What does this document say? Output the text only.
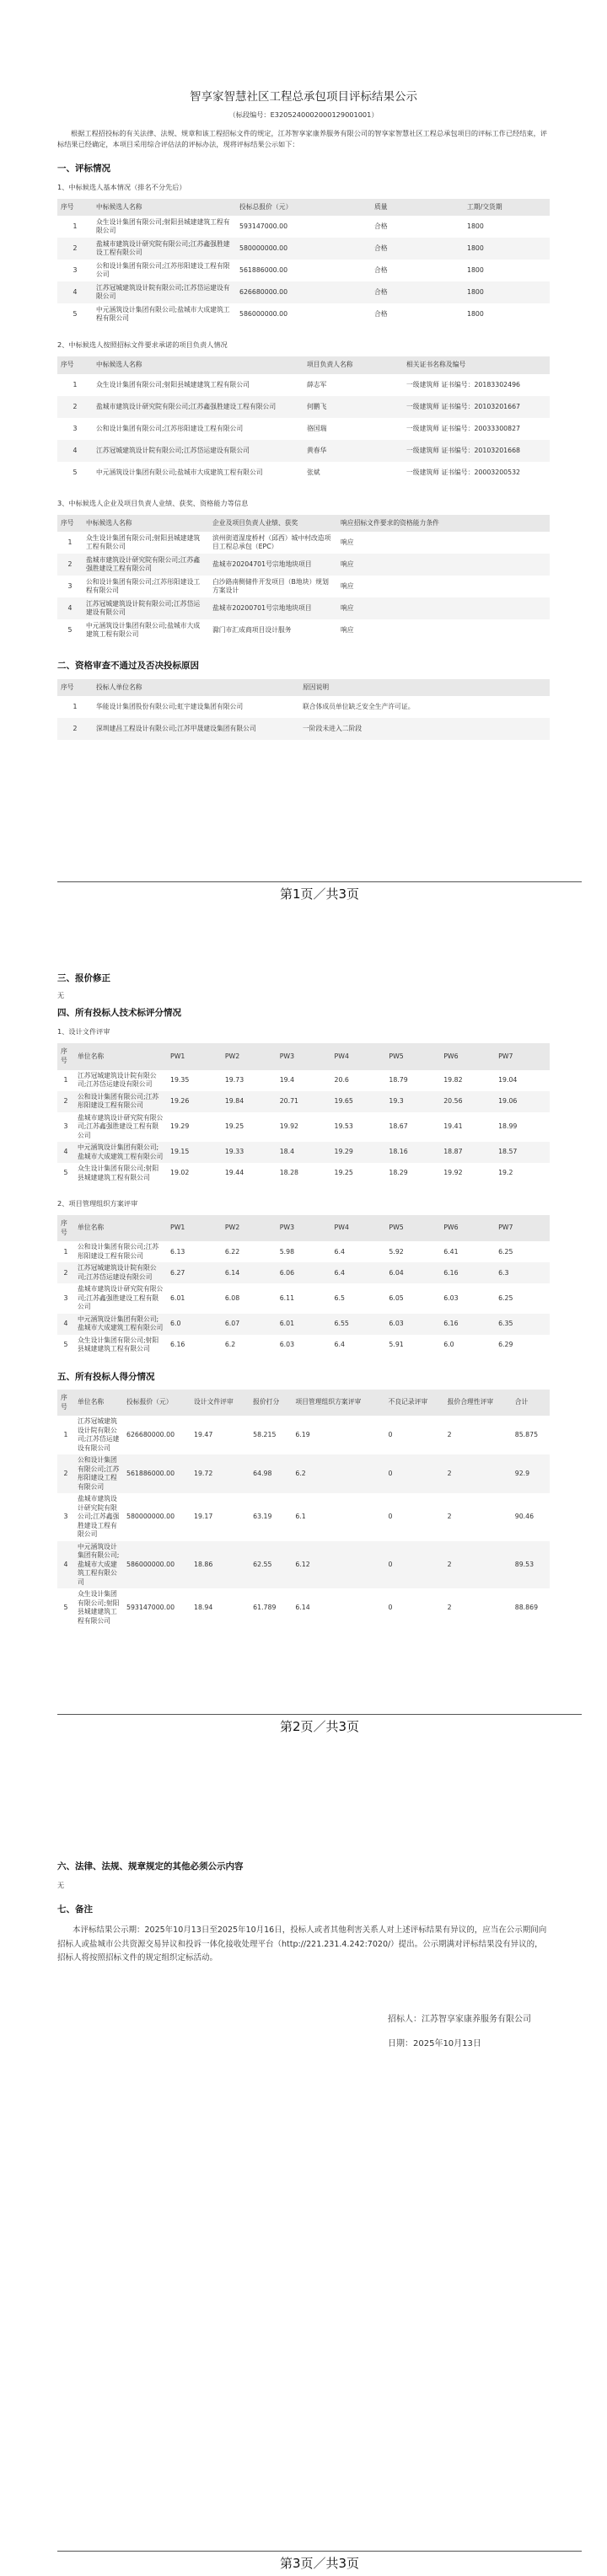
智享家智慧社区工程总承包项目评标结果公示
（标段编号：E3205240002000129001001）

根据工程招投标的有关法律、法规、规章和该工程招标文件的规定，江苏智享家康养服务有限公司的智享家智慧社区工程总承包项目的评标工作已经结束，评标结果已经确定，本项目采用综合评估法的评标办法，现将评标结果公示如下：

一、评标情况
1、中标候选人基本情况（排名不分先后）
序号	中标候选人名称	投标总报价（元）	质量	工期/交货期
1	众生设计集团有限公司;射阳县城建建筑工程有限公司	593147000.00	合格	1800
2	盐城市建筑设计研究院有限公司;江苏鑫强胜建设工程有限公司	580000000.00	合格	1800
3	公和设计集团有限公司;江苏彤阳建设工程有限公司	561886000.00	合格	1800
4	江苏冠城建筑设计院有限公司;江苏岱运建设有限公司	626680000.00	合格	1800
5	中元涵筑设计集团有限公司;盐城市大成建筑工程有限公司	586000000.00	合格	1800
2、中标候选人按照招标文件要求承诺的项目负责人情况
序号	中标候选人名称	项目负责人名称	相关证书名称及编号
1	众生设计集团有限公司;射阳县城建建筑工程有限公司	薛志军	一级建筑师 证书编号：20183302496
2	盐城市建筑设计研究院有限公司;江苏鑫强胜建设工程有限公司	何鹏飞	一级建筑师 证书编号：20103201667
3	公和设计集团有限公司;江苏彤阳建设工程有限公司	骆国瑞	一级建筑师 证书编号：20033300827
4	江苏冠城建筑设计院有限公司;江苏岱运建设有限公司	黄春华	一级建筑师 证书编号：20103201668
5	中元涵筑设计集团有限公司;盐城市大成建筑工程有限公司	张斌	一级建筑师 证书编号：20003200532
3、中标候选人企业及项目负责人业绩、获奖、资格能力等信息
序号	中标候选人名称	企业及项目负责人业绩、获奖	响应招标文件要求的资格能力条件
1	众生设计集团有限公司;射阳县城建建筑工程有限公司	滨州街道湿度桥村（邱西）城中村改造项目工程总承包（EPC）	响应
2	盐城市建筑设计研究院有限公司;江苏鑫强胜建设工程有限公司	盐城市20204701号宗地地块项目	响应
3	公和设计集团有限公司;江苏彤阳建设工程有限公司	白沙路南侧储件开发项目（B地块）规划方案设计	响应
4	江苏冠城建筑设计院有限公司;江苏岱运建设有限公司	盐城市20200701号宗地地块项目	响应
5	中元涵筑设计集团有限公司;盐城市大成建筑工程有限公司	滁门市汇成商项目设计服务	响应
二、资格审查不通过及否决投标原因
序号	投标人单位名称	原因说明
1	华能设计集团股份有限公司;虹宇建设集团有限公司	联合体成员单位缺乏安全生产许可证。
2	深圳建昌工程设计有限公司;江苏甲晟建设集团有限公司	一阶段未进入二阶段
第1页／共3页
三、报价修正
无
四、所有投标人技术标评分情况
1、设计文件评审
序号	单位名称	PW1	PW2	PW3	PW4	PW5	PW6	PW7
1	江苏冠城建筑设计院有限公司;江苏岱运建设有限公司	19.35	19.73	19.4	20.6	18.79	19.82	19.04
2	公和设计集团有限公司;江苏彤阳建设工程有限公司	19.26	19.84	20.71	19.65	19.3	20.56	19.06
3	盐城市建筑设计研究院有限公司;江苏鑫强胜建设工程有限公司	19.29	19.25	19.92	19.53	18.67	19.41	18.99
4	中元涵筑设计集团有限公司;盐城市大成建筑工程有限公司	19.15	19.33	18.4	19.29	18.16	18.87	18.57
5	众生设计集团有限公司;射阳县城建建筑工程有限公司	19.02	19.44	18.28	19.25	18.29	19.92	19.2
2、项目管理组织方案评审
序号	单位名称	PW1	PW2	PW3	PW4	PW5	PW6	PW7
1	公和设计集团有限公司;江苏彤阳建设工程有限公司	6.13	6.22	5.98	6.4	5.92	6.41	6.25
2	江苏冠城建筑设计院有限公司;江苏岱运建设有限公司	6.27	6.14	6.06	6.4	6.04	6.16	6.3
3	盐城市建筑设计研究院有限公司;江苏鑫强胜建设工程有限公司	6.01	6.08	6.11	6.5	6.05	6.03	6.25
4	中元涵筑设计集团有限公司;盐城市大成建筑工程有限公司	6.0	6.07	6.01	6.55	6.03	6.16	6.35
5	众生设计集团有限公司;射阳县城建建筑工程有限公司	6.16	6.2	6.03	6.4	5.91	6.0	6.29
五、所有投标人得分情况
序号	单位名称	投标报价（元）	设计文件评审	报价打分	项目管理组织方案评审	不良记录评审	报价合理性评审	合计
1	江苏冠城建筑设计院有限公司;江苏岱运建设有限公司	626680000.00	19.47	58.215	6.19	0	2	85.875
2	公和设计集团有限公司;江苏彤阳建设工程有限公司	561886000.00	19.72	64.98	6.2	0	2	92.9
3	盐城市建筑设计研究院有限公司;江苏鑫强胜建设工程有限公司	580000000.00	19.17	63.19	6.1	0	2	90.46
4	中元涵筑设计集团有限公司;盐城市大成建筑工程有限公司	586000000.00	18.86	62.55	6.12	0	2	89.53
5	众生设计集团有限公司;射阳县城建建筑工程有限公司	593147000.00	18.94	61.789	6.14	0	2	88.869
第2页／共3页
六、法律、法规、规章规定的其他必须公示内容
无
七、备注

本评标结果公示期：2025年10月13日至2025年10月16日，投标人或者其他利害关系人对上述评标结果有异议的，应当在公示期间向招标人或盐城市公共资源交易异议和投诉一体化接收处理平台（http://221.231.4.242:7020/）提出。公示期满对评标结果没有异议的，招标人将按照招标文件的规定组织定标活动。

招标人：江苏智享家康养服务有限公司
日期：2025年10月13日
第3页／共3页
